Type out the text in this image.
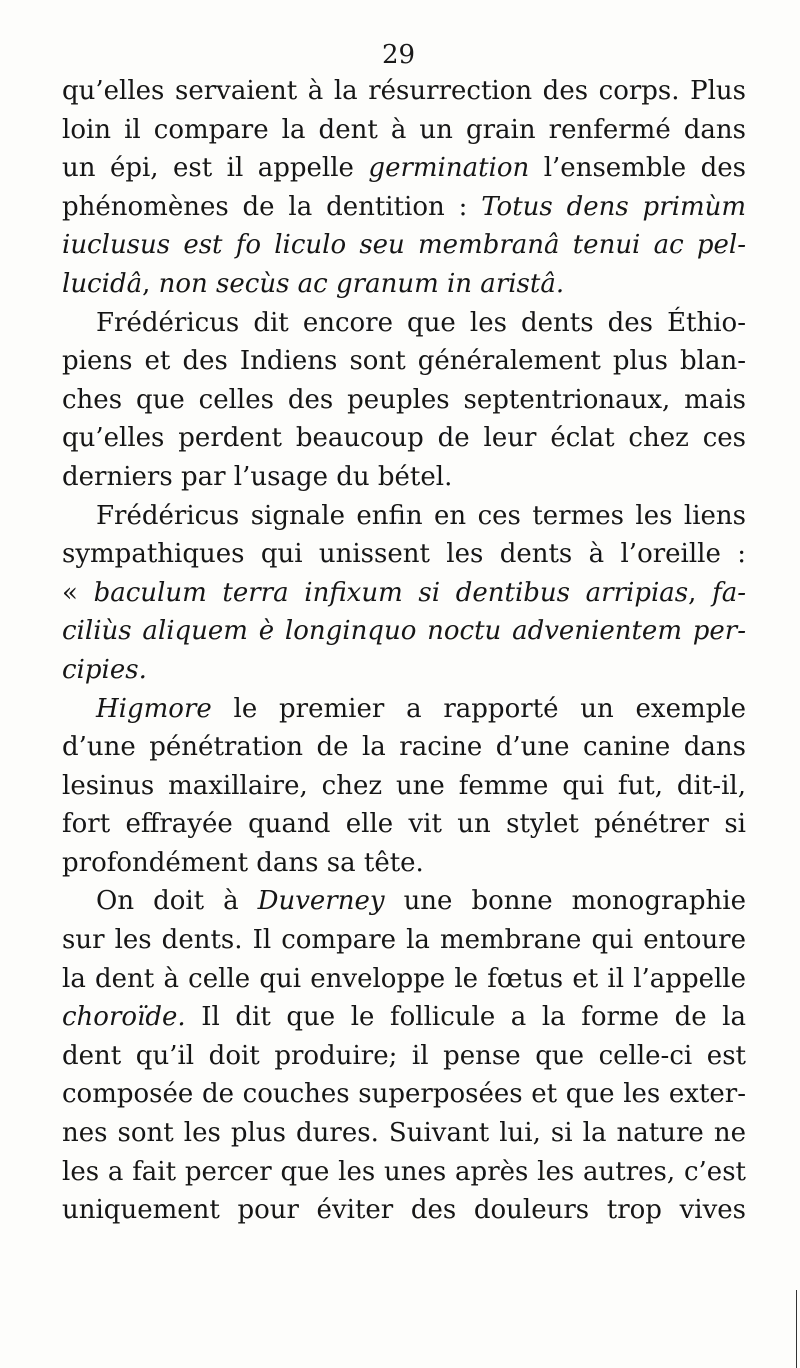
29
qu’elles servaient à la résurrection des corps. Plus
loin il compare la dent à un grain renfermé dans
un épi, est il appelle germination l’ensemble des
phénomènes de la dentition : Totus dens primùm
iuclusus est fo liculo seu membranâ tenui ac pel-
lucidâ, non secùs ac granum in aristâ.
Frédéricus dit encore que les dents des Éthio-
piens et des Indiens sont généralement plus blan-
ches que celles des peuples septentrionaux, mais
qu’elles perdent beaucoup de leur éclat chez ces
derniers par l’usage du bétel.
Frédéricus signale enfin en ces termes les liens
sympathiques qui unissent les dents à l’oreille :
« baculum terra infixum si dentibus arripias, fa-
ciliùs aliquem è longinquo noctu advenientem per-
cipies.
Higmore le premier a rapporté un exemple
d’une pénétration de la racine d’une canine dans
lesinus maxillaire, chez une femme qui fut, dit-il,
fort effrayée quand elle vit un stylet pénétrer si
profondément dans sa tête.
On doit à Duverney une bonne monographie
sur les dents. Il compare la membrane qui entoure
la dent à celle qui enveloppe le fœtus et il l’appelle
choroïde. Il dit que le follicule a la forme de la
dent qu’il doit produire; il pense que celle-ci est
composée de couches superposées et que les exter-
nes sont les plus dures. Suivant lui, si la nature ne
les a fait percer que les unes après les autres, c’est
uniquement pour éviter des douleurs trop vives
